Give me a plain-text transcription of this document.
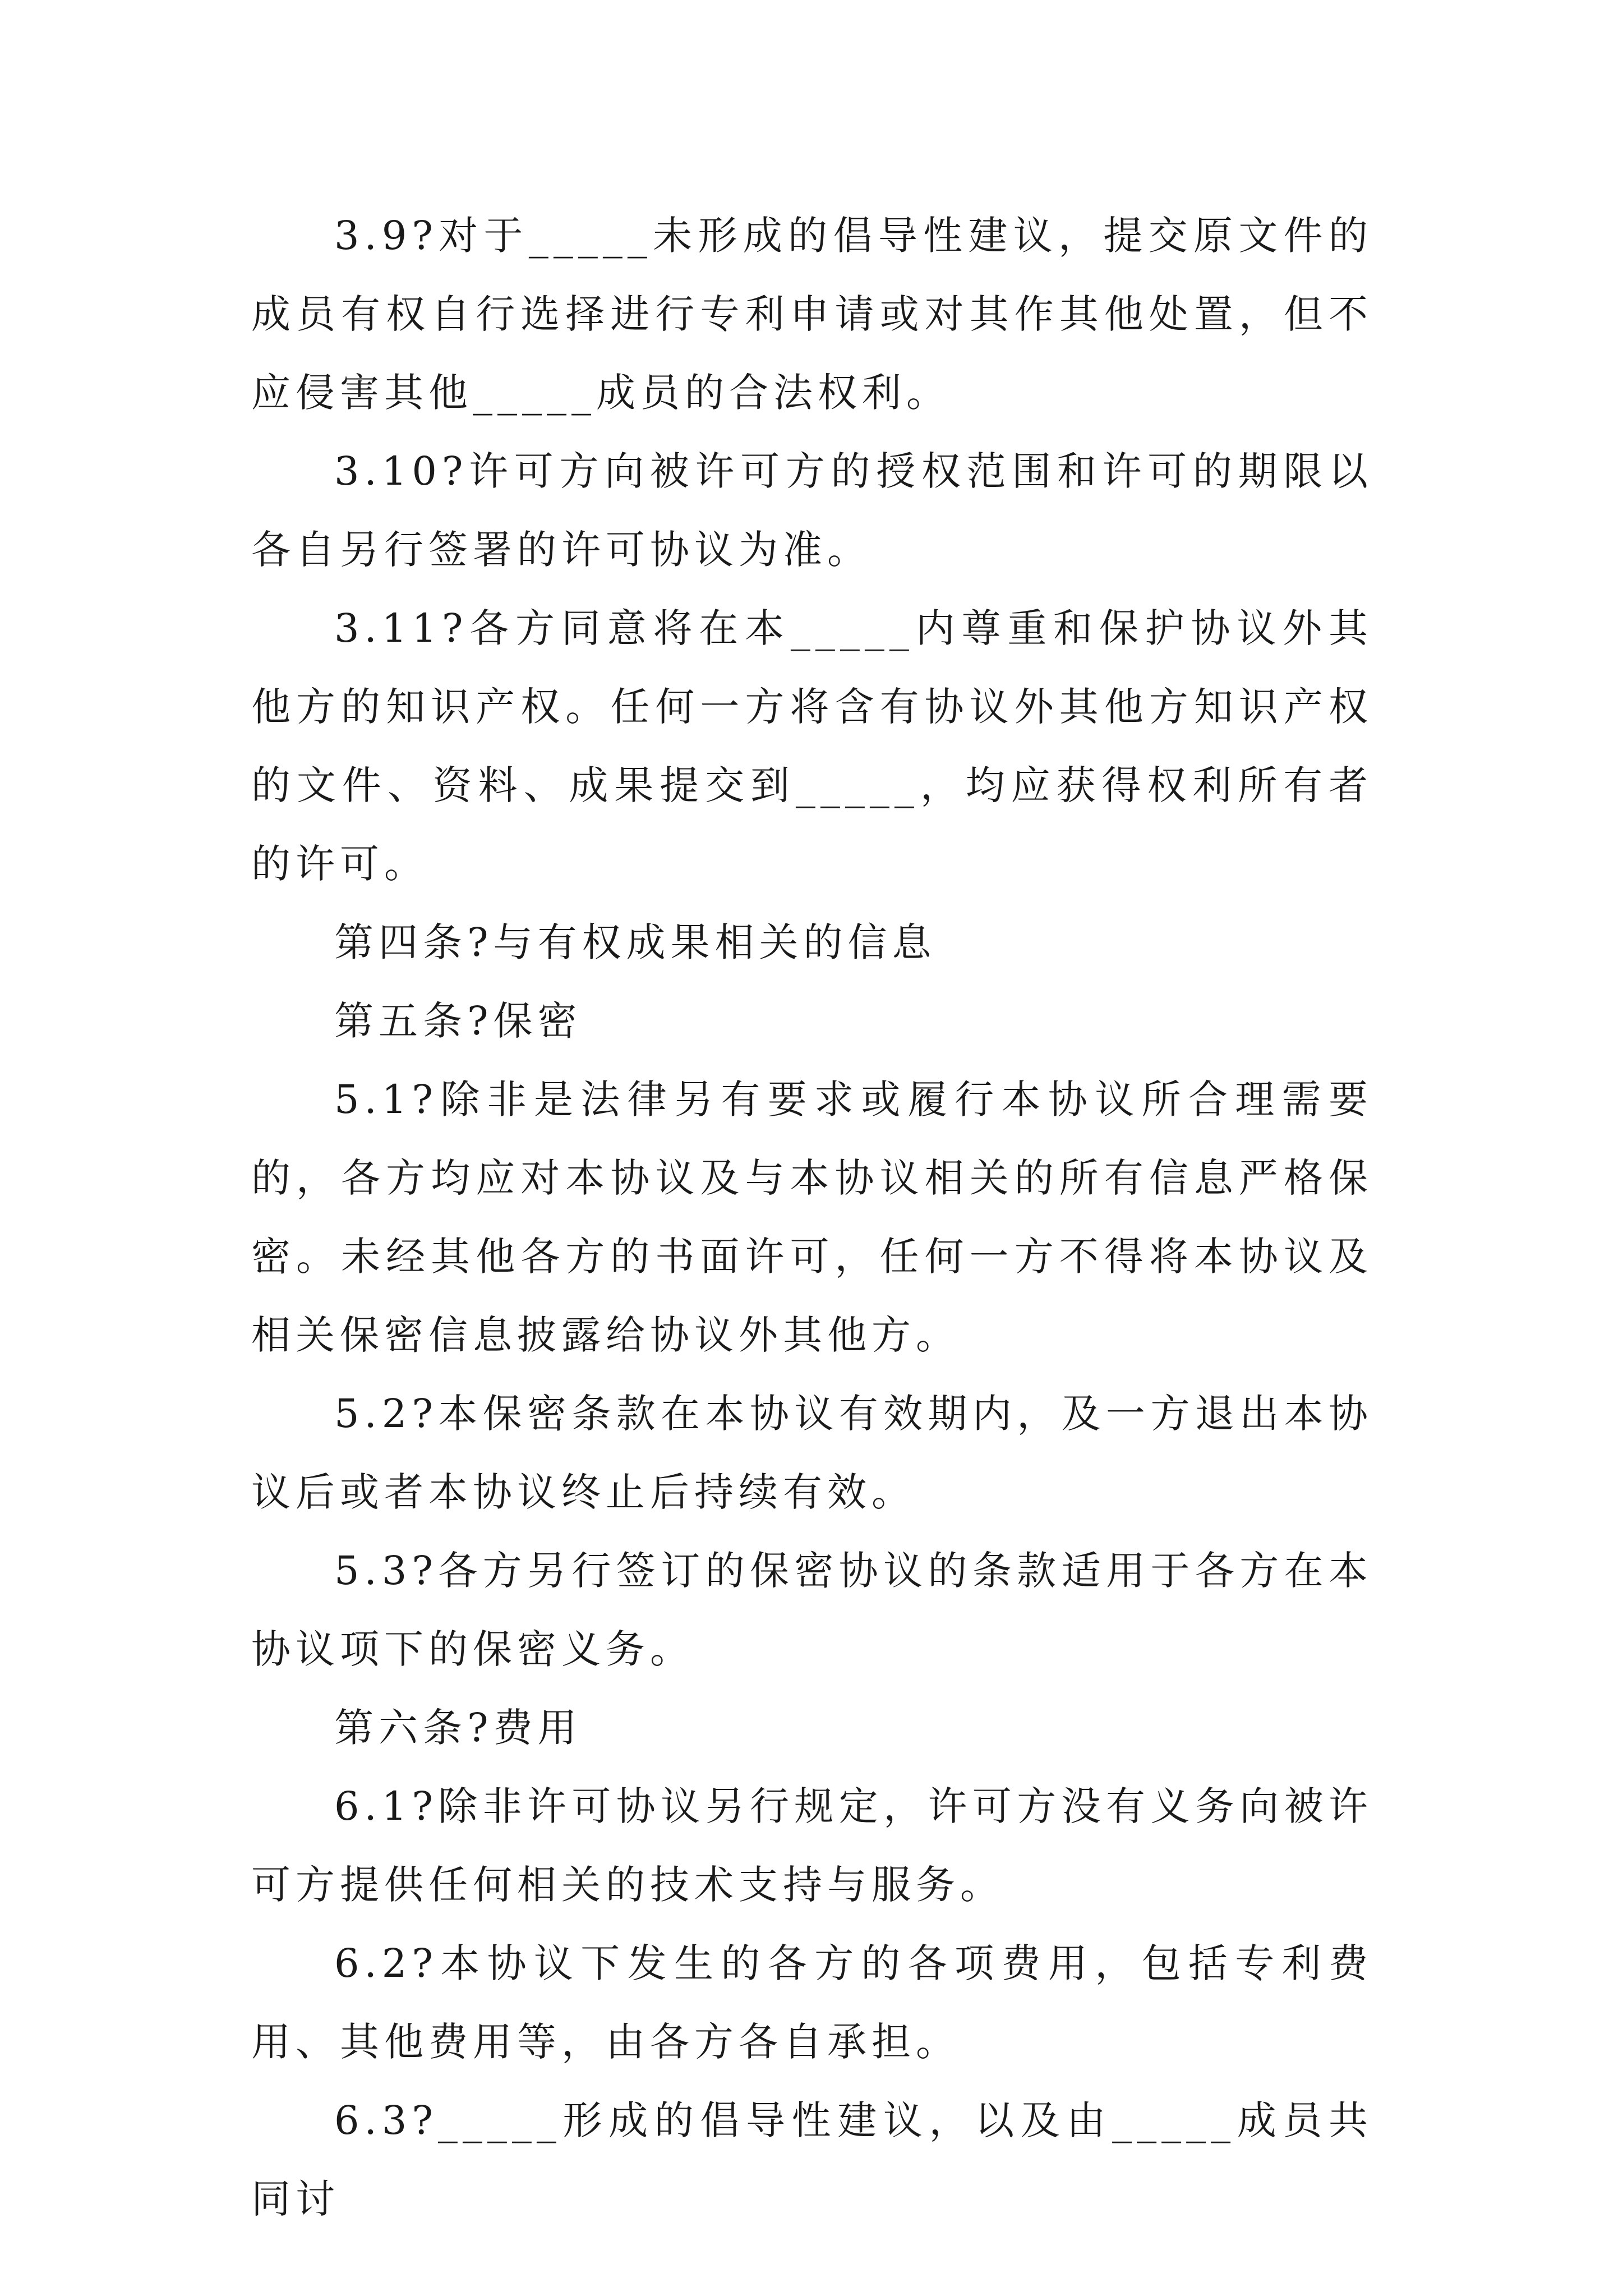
3.9?对于_____未形成的倡导性建议，提交原文件的成员有权自行选择进行专利申请或对其作其他处置，但不应侵害其他_____成员的合法权利。

3.10?许可方向被许可方的授权范围和许可的期限以各自另行签署的许可协议为准。

3.11?各方同意将在本_____内尊重和保护协议外其他方的知识产权。任何一方将含有协议外其他方知识产权的文件、资料、成果提交到_____，均应获得权利所有者的许可。

第四条?与有权成果相关的信息

第五条?保密

5.1?除非是法律另有要求或履行本协议所合理需要的，各方均应对本协议及与本协议相关的所有信息严格保密。未经其他各方的书面许可，任何一方不得将本协议及相关保密信息披露给协议外其他方。

5.2?本保密条款在本协议有效期内，及一方退出本协议后或者本协议终止后持续有效。

5.3?各方另行签订的保密协议的条款适用于各方在本协议项下的保密义务。

第六条?费用

6.1?除非许可协议另行规定，许可方没有义务向被许可方提供任何相关的技术支持与服务。

6.2?本协议下发生的各方的各项费用，包括专利费用、其他费用等，由各方各自承担。

6.3?_____形成的倡导性建议，以及由_____成员共同讨
